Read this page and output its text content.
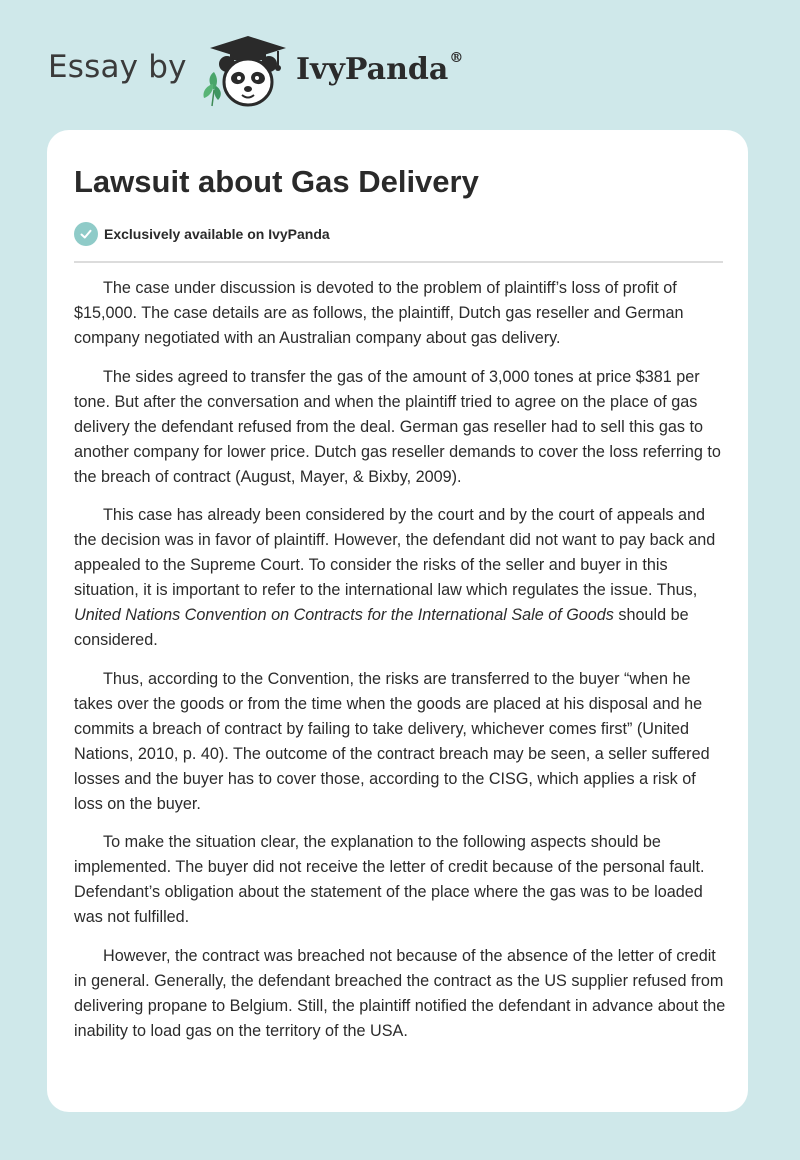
Essay by	IvyPanda®
Lawsuit about Gas Delivery
Exclusively available on IvyPanda

The case under discussion is devoted to the problem of plaintiff’s loss of profit of $15,000. The case details are as follows, the plaintiff, Dutch gas reseller and German company negotiated with an Australian company about gas delivery.

The sides agreed to transfer the gas of the amount of 3,000 tones at price $381 per tone. But after the conversation and when the plaintiff tried to agree on the place of gas delivery the defendant refused from the deal. German gas reseller had to sell this gas to another company for lower price. Dutch gas reseller demands to cover the loss referring to the breach of contract (August, Mayer, & Bixby, 2009).

This case has already been considered by the court and by the court of appeals and the decision was in favor of plaintiff. However, the defendant did not want to pay back and appealed to the Supreme Court. To consider the risks of the seller and buyer in this situation, it is important to refer to the international law which regulates the issue. Thus, United Nations Convention on Contracts for the International Sale of Goods should be considered.

Thus, according to the Convention, the risks are transferred to the buyer “when he takes over the goods or from the time when the goods are placed at his disposal and he commits a breach of contract by failing to take delivery, whichever comes first” (United Nations, 2010, p. 40). The outcome of the contract breach may be seen, a seller suffered losses and the buyer has to cover those, according to the CISG, which applies a risk of loss on the buyer.

To make the situation clear, the explanation to the following aspects should be implemented. The buyer did not receive the letter of credit because of the personal fault. Defendant’s obligation about the statement of the place where the gas was to be loaded was not fulfilled.

However, the contract was breached not because of the absence of the letter of credit in general. Generally, the defendant breached the contract as the US supplier refused from delivering propane to Belgium. Still, the plaintiff notified the defendant in advance about the inability to load gas on the territory of the USA.
